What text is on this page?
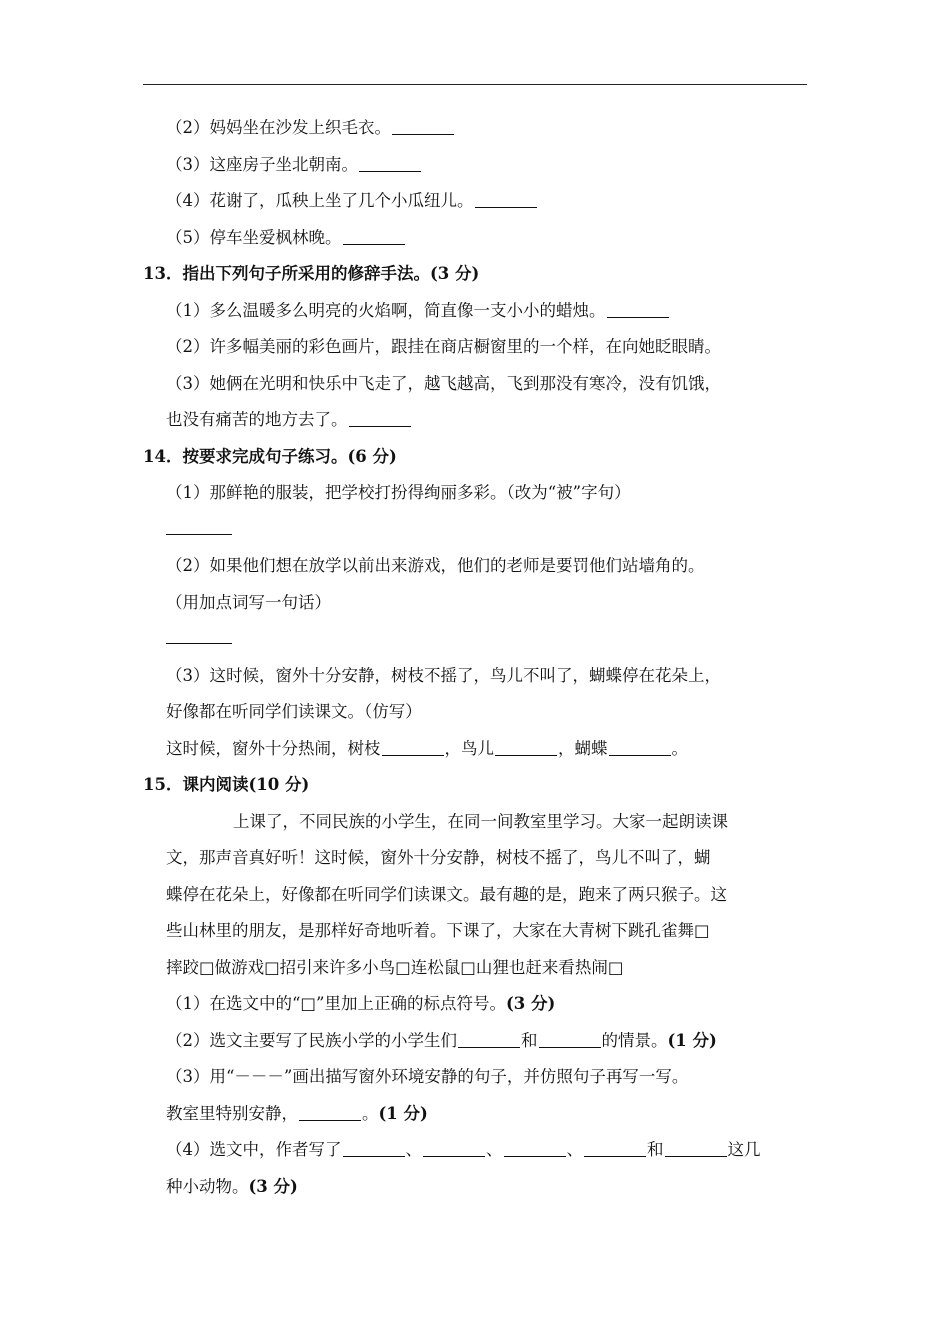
（2）妈妈坐在沙发上织毛衣。
（3）这座房子坐北朝南。
（4）花谢了，瓜秧上坐了几个小瓜纽儿。
（5）停车坐爱枫林晚。
13．指出下列句子所采用的修辞手法。(3 分)
（1）多么温暖多么明亮的火焰啊，简直像一支小小的蜡烛。
（2）许多幅美丽的彩色画片，跟挂在商店橱窗里的一个样，在向她眨眼睛。
（3）她俩在光明和快乐中飞走了，越飞越高，飞到那没有寒冷，没有饥饿，
也没有痛苦的地方去了。
14．按要求完成句子练习。(6 分)
（1）那鲜艳的服装，把学校打扮得绚丽多彩。（改为“被”字句）
（2）如果他们想在放学以前出来游戏，他们的老师是要罚他们站墙角的。
（用加点词写一句话）
（3）这时候，窗外十分安静，树枝不摇了，鸟儿不叫了，蝴蝶停在花朵上，
好像都在听同学们读课文。（仿写）
这时候，窗外十分热闹，树枝	，鸟儿	，蝴蝶	。
15．课内阅读(10 分)
上课了，不同民族的小学生，在同一间教室里学习。大家一起朗读课
文，那声音真好听！这时候，窗外十分安静，树枝不摇了，鸟儿不叫了，蝴
蝶停在花朵上，好像都在听同学们读课文。最有趣的是，跑来了两只猴子。这
些山林里的朋友，是那样好奇地听着。下课了，大家在大青树下跳孔雀舞□
摔跤□做游戏□招引来许多小鸟□连松鼠□山狸也赶来看热闹□
（1）在选文中的“□”里加上正确的标点符号。(3 分)
（2）选文主要写了民族小学的小学生们	和	的情景。(1 分)
（3）用“－－－”画出描写窗外环境安静的句子，并仿照句子再写一写。
教室里特别安静，	。(1 分)
（4）选文中，作者写了	、	、	、	和	这几
种小动物。(3 分)
